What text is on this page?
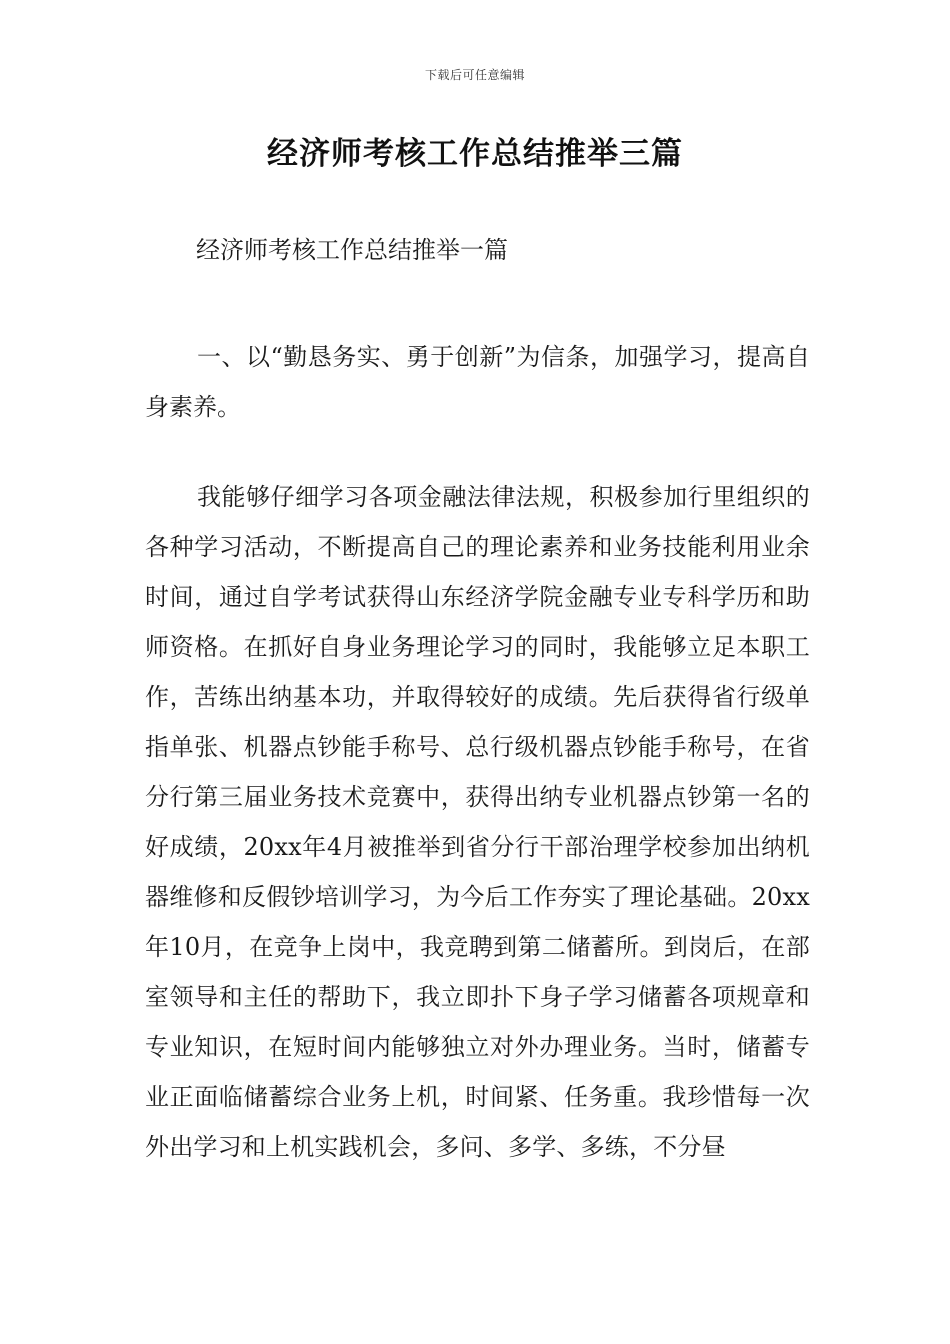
下载后可任意编辑
经济师考核工作总结推举三篇
经济师考核工作总结推举一篇
一、以“勤恳务实、勇于创新”为信条，加强学习，提高自身素养。
我能够仔细学习各项金融法律法规，积极参加行里组织的各种学习活动，不断提高自己的理论素养和业务技能利用业余时间，通过自学考试获得山东经济学院金融专业专科学历和助师资格。在抓好自身业务理论学习的同时，我能够立足本职工作，苦练出纳基本功，并取得较好的成绩。先后获得省行级单指单张、机器点钞能手称号、总行级机器点钞能手称号，在省分行第三届业务技术竞赛中，获得出纳专业机器点钞第一名的好成绩，20xx年4月被推举到省分行干部治理学校参加出纳机器维修和反假钞培训学习，为今后工作夯实了理论基础。20xx年10月，在竞争上岗中，我竞聘到第二储蓄所。到岗后，在部室领导和主任的帮助下，我立即扑下身子学习储蓄各项规章和专业知识，在短时间内能够独立对外办理业务。当时，储蓄专业正面临储蓄综合业务上机，时间紧、任务重。我珍惜每一次外出学习和上机实践机会，多问、多学、多练，不分昼
